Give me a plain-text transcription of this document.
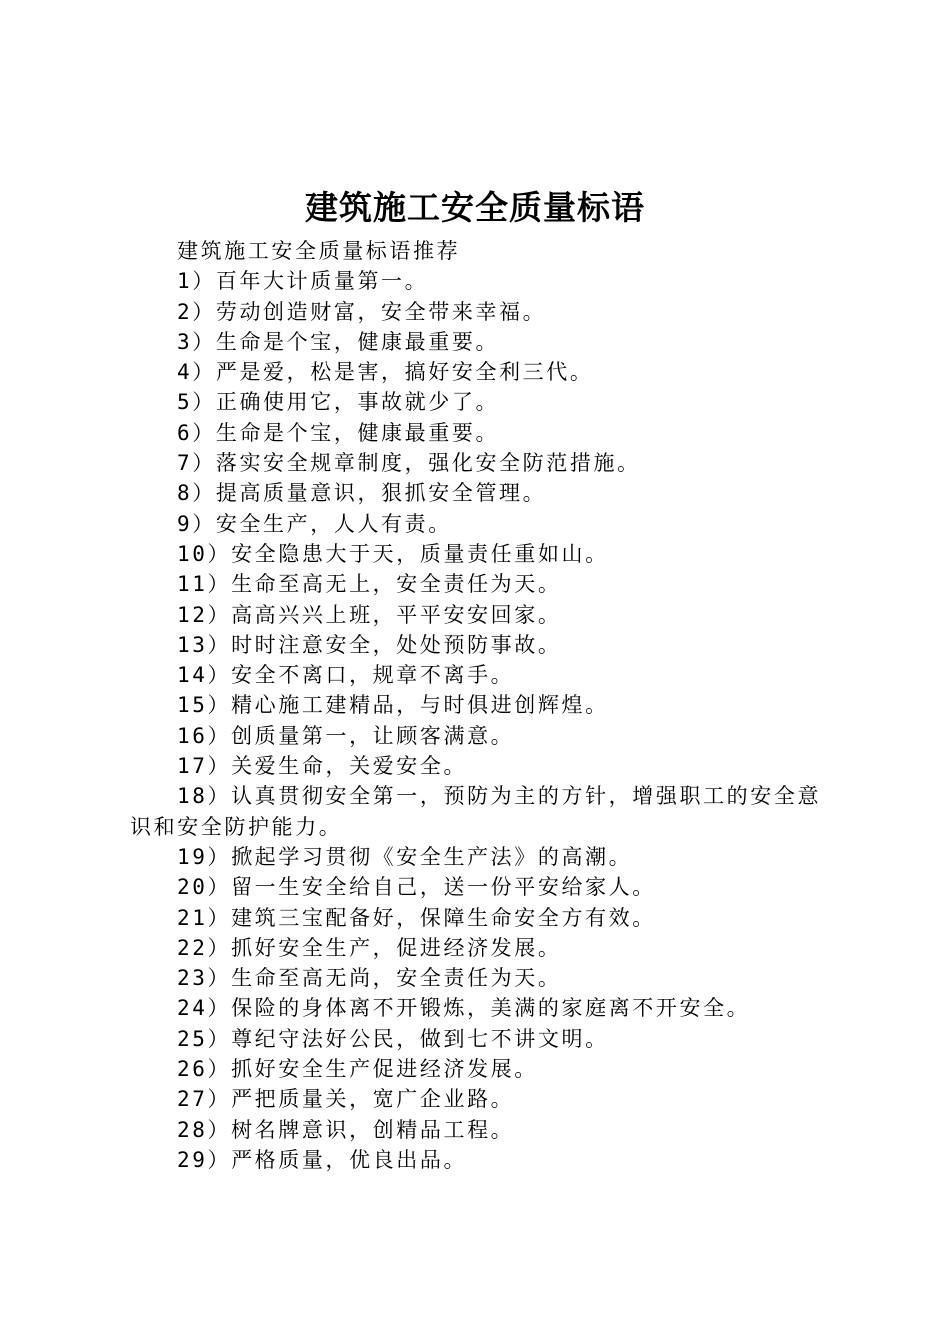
建筑施工安全质量标语

建筑施工安全质量标语推荐

1）百年大计质量第一。

2）劳动创造财富，安全带来幸福。

3）生命是个宝，健康最重要。

4）严是爱，松是害，搞好安全利三代。

5）正确使用它，事故就少了。

6）生命是个宝，健康最重要。

7）落实安全规章制度，强化安全防范措施。

8）提高质量意识，狠抓安全管理。

9）安全生产，人人有责。

10）安全隐患大于天，质量责任重如山。

11）生命至高无上，安全责任为天。

12）高高兴兴上班，平平安安回家。

13）时时注意安全，处处预防事故。

14）安全不离口，规章不离手。

15）精心施工建精品，与时俱进创辉煌。

16）创质量第一，让顾客满意。

17）关爱生命，关爱安全。

18）认真贯彻安全第一，预防为主的方针，增强职工的安全意识和安全防护能力。

19）掀起学习贯彻《安全生产法》的高潮。

20）留一生安全给自己，送一份平安给家人。

21）建筑三宝配备好，保障生命安全方有效。

22）抓好安全生产，促进经济发展。

23）生命至高无尚，安全责任为天。

24）保险的身体离不开锻炼，美满的家庭离不开安全。

25）尊纪守法好公民，做到七不讲文明。

26）抓好安全生产促进经济发展。

27）严把质量关，宽广企业路。

28）树名牌意识，创精品工程。

29）严格质量，优良出品。
